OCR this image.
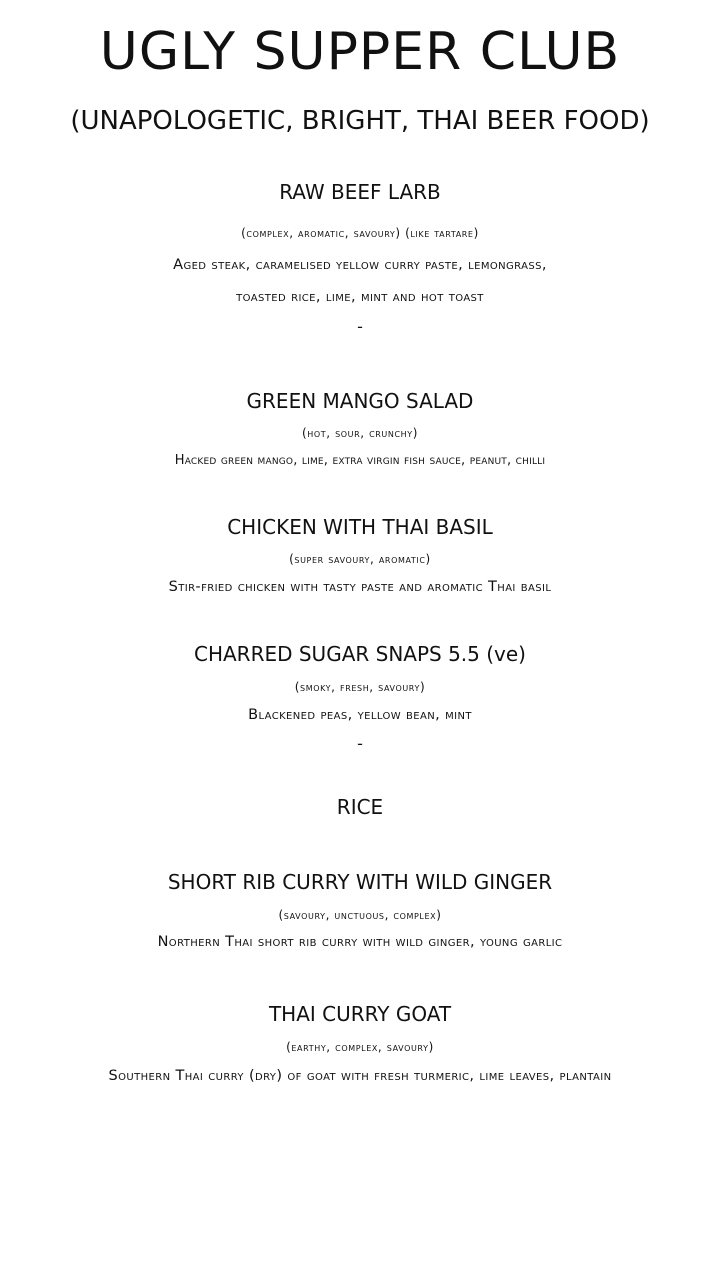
UGLY SUPPER CLUB
(UNAPOLOGETIC, BRIGHT, THAI BEER FOOD)
RAW BEEF LARB
(complex, aromatic, savoury) (like tartare)
Aged steak, caramelised yellow curry paste, lemongrass,
toasted rice, lime, mint and hot toast
-
GREEN MANGO SALAD
(hot, sour, crunchy)
Hacked green mango, lime, extra virgin fish sauce, peanut, chilli
CHICKEN WITH THAI BASIL
(super savoury, aromatic)
Stir-fried chicken with tasty paste and aromatic Thai basil
CHARRED SUGAR SNAPS 5.5 (ve)
(smoky, fresh, savoury)
Blackened peas, yellow bean, mint
-
RICE
SHORT RIB CURRY WITH WILD GINGER
(savoury, unctuous, complex)
Northern Thai short rib curry with wild ginger, young garlic
THAI CURRY GOAT
(earthy, complex, savoury)
Southern Thai curry (dry) of goat with fresh turmeric, lime leaves, plantain
